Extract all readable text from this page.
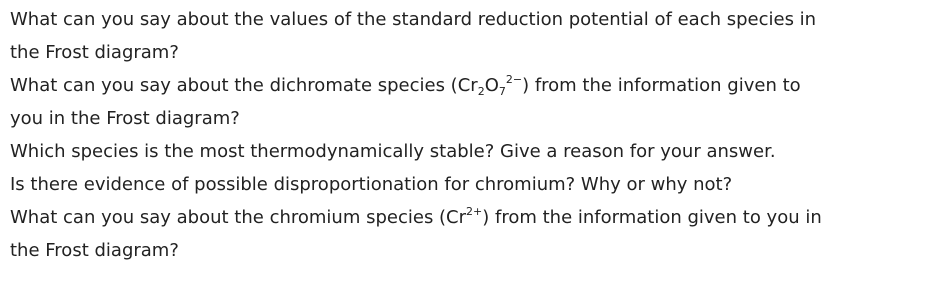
What can you say about the values of the standard reduction potential of each species in
the Frost diagram?
What can you say about the dichromate species $(Cr_2O_7^{2-})$ from the information given to
you in the Frost diagram?
Which species is the most thermodynamically stable? Give a reason for your answer.
Is there evidence of possible disproportionation for chromium? Why or why not?
What can you say about the chromium species $(Cr^{2+})$ from the information given to you in
the Frost diagram?
